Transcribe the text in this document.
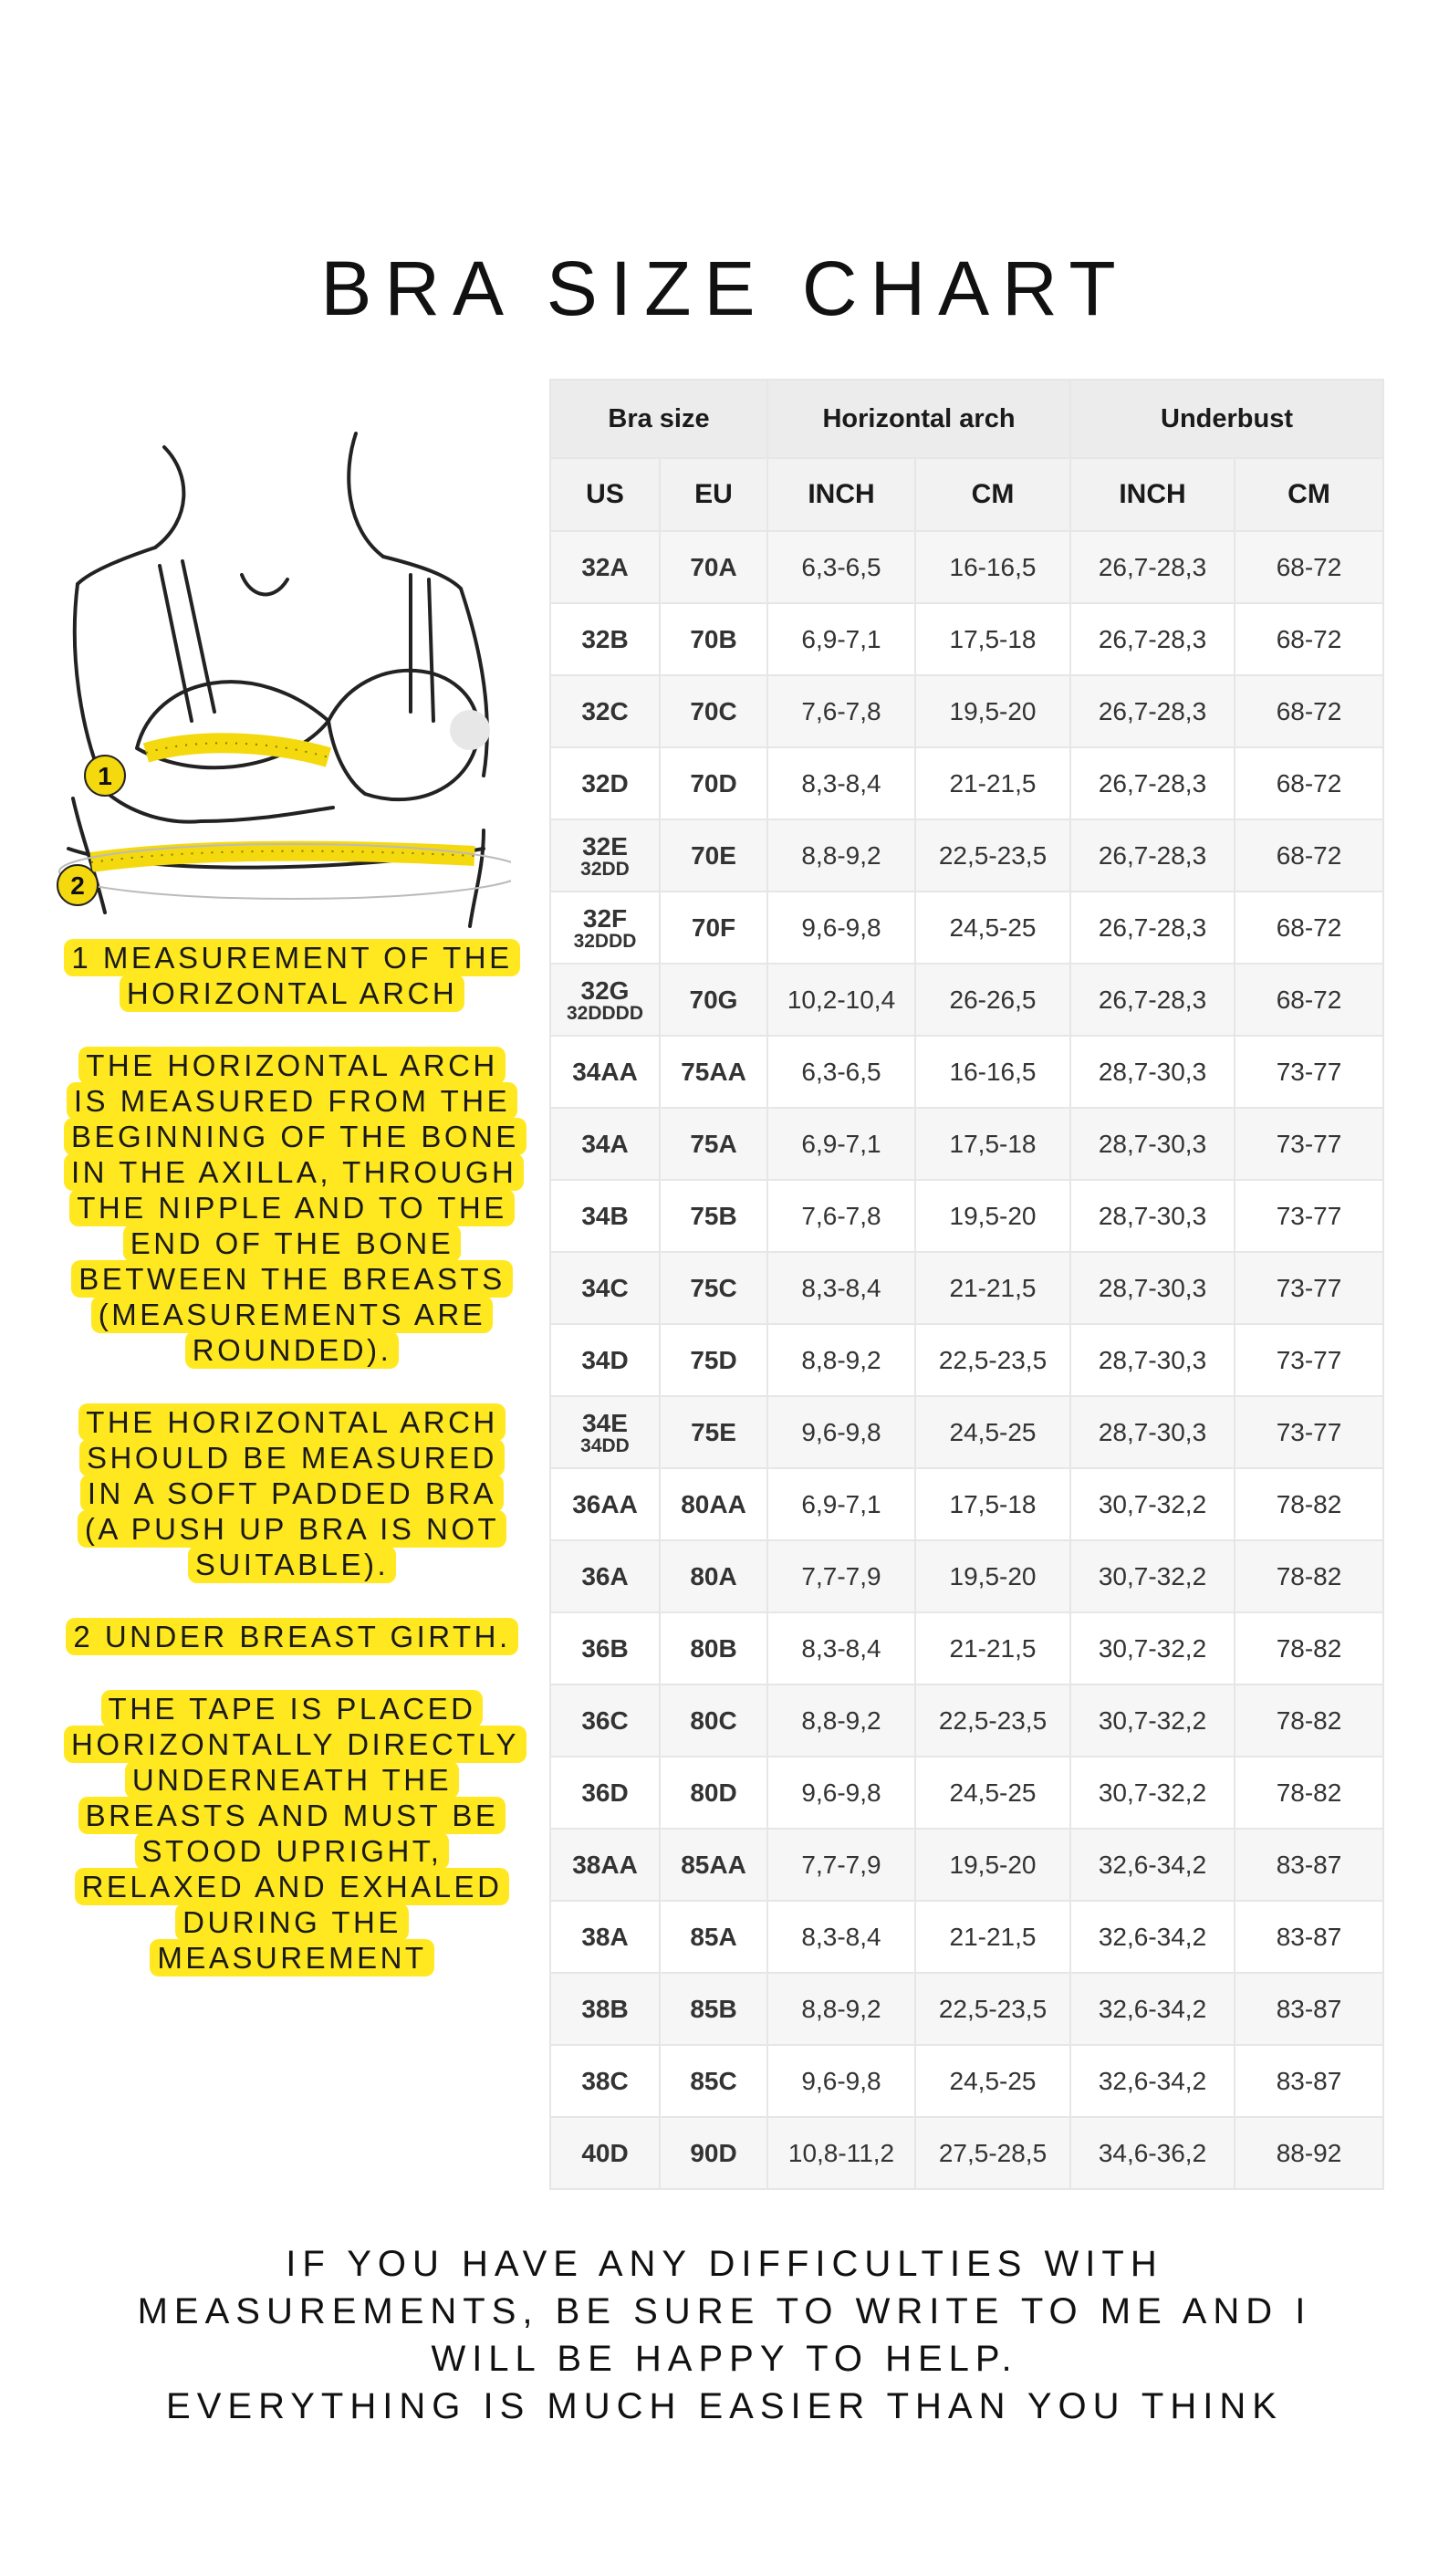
BRA SIZE CHART
1
2
1 MEASUREMENT OF THE HORIZONTAL ARCH
THE HORIZONTAL ARCH IS MEASURED FROM THE BEGINNING OF THE BONE IN THE AXILLA, THROUGH THE NIPPLE AND TO THE END OF THE BONE BETWEEN THE BREASTS (MEASUREMENTS ARE ROUNDED).
THE HORIZONTAL ARCH SHOULD BE MEASURED IN A SOFT PADDED BRA (A PUSH UP BRA IS NOT SUITABLE).
2 UNDER BREAST GIRTH.
THE TAPE IS PLACED HORIZONTALLY DIRECTLY UNDERNEATH THE BREASTS AND MUST BE STOOD UPRIGHT, RELAXED AND EXHALED DURING THE MEASUREMENT
Bra size		Horizontal arch		Underbust	
US	EU	INCH	CM	INCH	CM

32A	70A	6,3-6,5	16-16,5	26,7-28,3	68-72

32B	70B	6,9-7,1	17,5-18	26,7-28,3	68-72

32C	70C	7,6-7,8	19,5-20	26,7-28,3	68-72

32D	70D	8,3-8,4	21-21,5	26,7-28,3	68-72

32E
32DD	70E	8,8-9,2	22,5-23,5	26,7-28,3	68-72

32F
32DDD	70F	9,6-9,8	24,5-25	26,7-28,3	68-72

32G
32DDDD	70G	10,2-10,4	26-26,5	26,7-28,3	68-72

34AA	75AA	6,3-6,5	16-16,5	28,7-30,3	73-77

34A	75A	6,9-7,1	17,5-18	28,7-30,3	73-77

34B	75B	7,6-7,8	19,5-20	28,7-30,3	73-77

34C	75C	8,3-8,4	21-21,5	28,7-30,3	73-77

34D	75D	8,8-9,2	22,5-23,5	28,7-30,3	73-77

34E
34DD	75E	9,6-9,8	24,5-25	28,7-30,3	73-77

36AA	80AA	6,9-7,1	17,5-18	30,7-32,2	78-82

36A	80A	7,7-7,9	19,5-20	30,7-32,2	78-82

36B	80B	8,3-8,4	21-21,5	30,7-32,2	78-82

36C	80C	8,8-9,2	22,5-23,5	30,7-32,2	78-82

36D	80D	9,6-9,8	24,5-25	30,7-32,2	78-82

38AA	85AA	7,7-7,9	19,5-20	32,6-34,2	83-87

38A	85A	8,3-8,4	21-21,5	32,6-34,2	83-87

38B	85B	8,8-9,2	22,5-23,5	32,6-34,2	83-87

38C	85C	9,6-9,8	24,5-25	32,6-34,2	83-87

40D	90D	10,8-11,2	27,5-28,5	34,6-36,2	88-92
IF YOU HAVE ANY DIFFICULTIES WITH
MEASUREMENTS, BE SURE TO WRITE TO ME AND I
WILL BE HAPPY TO HELP.
EVERYTHING IS MUCH EASIER THAN YOU THINK
